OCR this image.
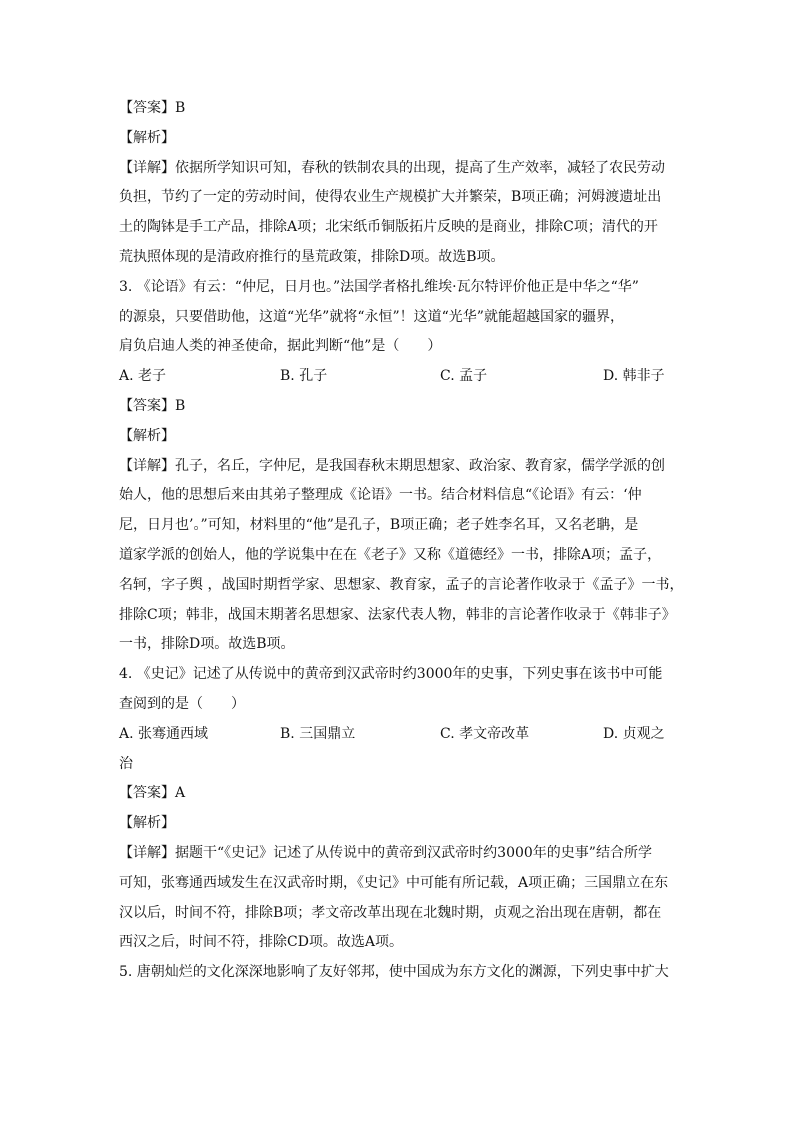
【答案】B
【解析】
【详解】依据所学知识可知，春秋的铁制农具的出现，提高了生产效率，减轻了农民劳动
负担，节约了一定的劳动时间，使得农业生产规模扩大并繁荣，B项正确；河姆渡遗址出
土的陶钵是手工产品，排除A项；北宋纸币铜版拓片反映的是商业，排除C项；清代的开
荒执照体现的是清政府推行的垦荒政策，排除D项。故选B项。
3. 《论语》有云：“仲尼，日月也。”法国学者格扎维埃·瓦尔特评价他正是中华之“华”
的源泉，只要借助他，这道“光华”就将“永恒”！这道“光华”就能超越国家的疆界，
肩负启迪人类的神圣使命，据此判断“他”是（　　）
A. 老子	B. 孔子	C. 孟子	D. 韩非子
【答案】B
【解析】
【详解】孔子，名丘，字仲尼，是我国春秋末期思想家、政治家、教育家，儒学学派的创
始人，他的思想后来由其弟子整理成《论语》一书。结合材料信息“《论语》有云：‘仲
尼，日月也’。”可知，材料里的“他”是孔子，B项正确；老子姓李名耳，又名老聃，是
道家学派的创始人，他的学说集中在在《老子》又称《道德经》一书，排除A项；孟子，
名轲，字子舆 ，战国时期哲学家、思想家、教育家，孟子的言论著作收录于《孟子》一书，
排除C项；韩非，战国末期著名思想家、法家代表人物，韩非的言论著作收录于《韩非子》
一书，排除D项。故选B项。
4. 《史记》记述了从传说中的黄帝到汉武帝时约3000年的史事，下列史事在该书中可能
查阅到的是（　　）
A. 张骞通西域	B. 三国鼎立	C. 孝文帝改革	D. 贞观之
治
【答案】A
【解析】
【详解】据题干“《史记》记述了从传说中的黄帝到汉武帝时约3000年的史事”结合所学
可知，张骞通西域发生在汉武帝时期，《史记》中可能有所记载，A项正确；三国鼎立在东
汉以后，时间不符，排除B项；孝文帝改革出现在北魏时期，贞观之治出现在唐朝，都在
西汉之后，时间不符，排除CD项。故选A项。
5. 唐朝灿烂的文化深深地影响了友好邻邦，使中国成为东方文化的渊源，下列史事中扩大
